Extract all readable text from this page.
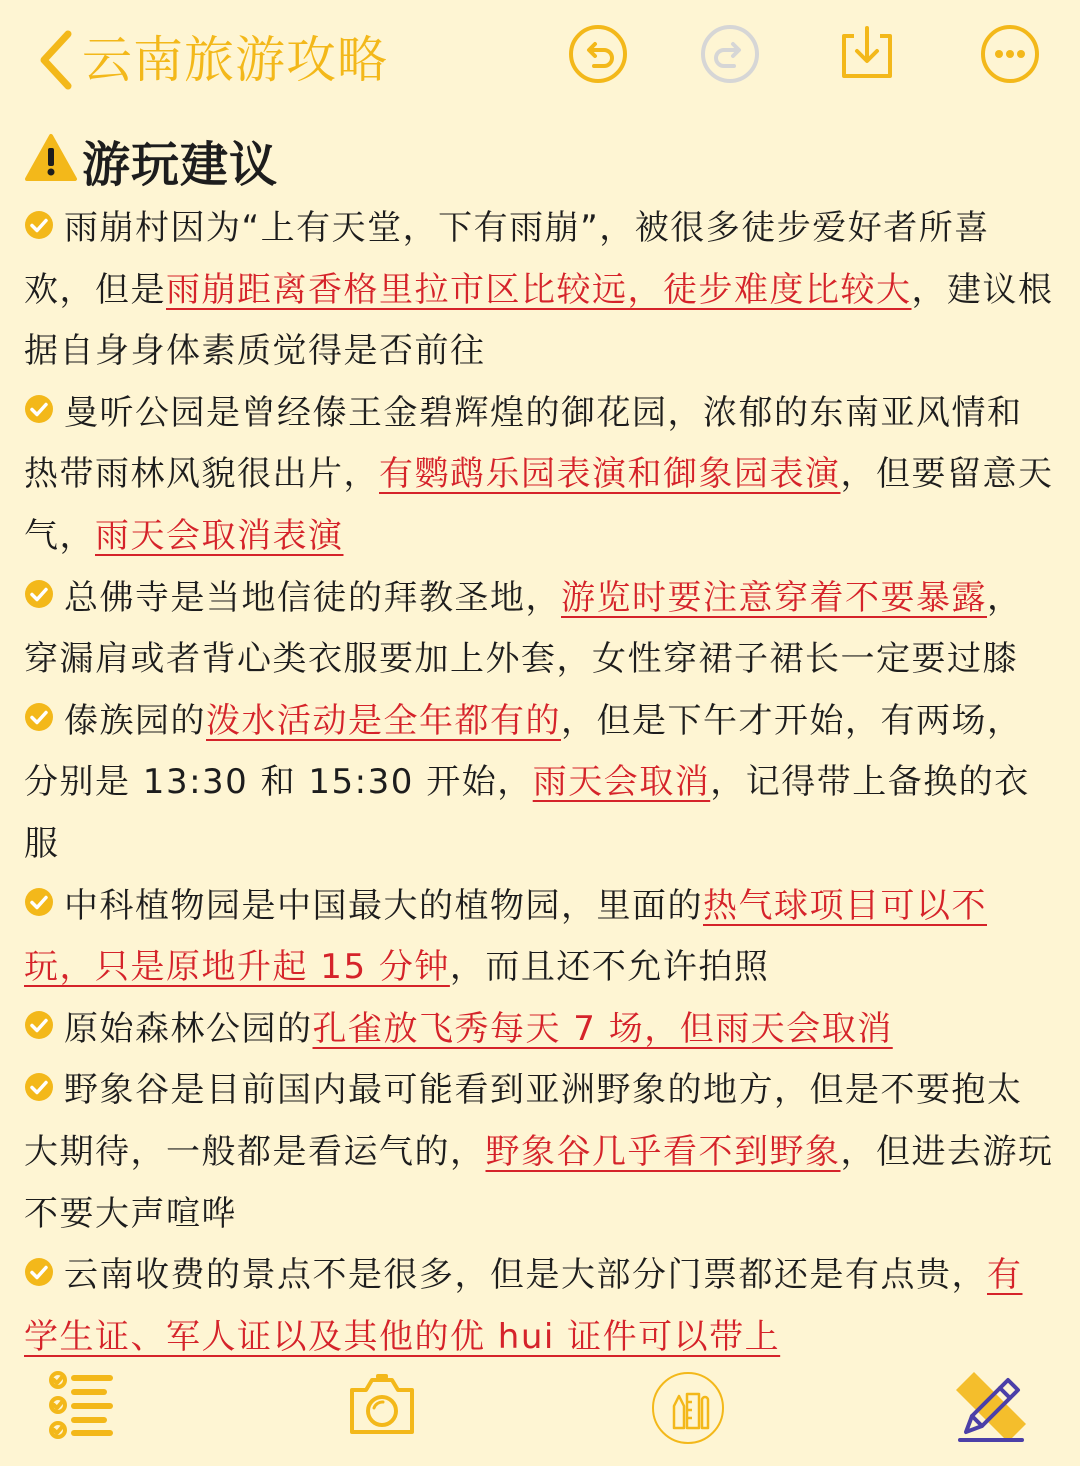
云南旅游攻略
游玩建议
雨崩村因为“上有天堂，下有雨崩”，被很多徒步爱好者所喜欢，但是雨崩距离香格里拉市区比较远，徒步难度比较大，建议根据自身身体素质觉得是否前往
曼听公园是曾经傣王金碧辉煌的御花园，浓郁的东南亚风情和热带雨林风貌很出片，有鹦鹉乐园表演和御象园表演，但要留意天气，雨天会取消表演
总佛寺是当地信徒的拜教圣地，游览时要注意穿着不要暴露，穿漏肩或者背心类衣服要加上外套，女性穿裙子裙长一定要过膝
傣族园的泼水活动是全年都有的，但是下午才开始，有两场，分别是 13:30 和 15:30 开始，雨天会取消，记得带上备换的衣服
中科植物园是中国最大的植物园，里面的热气球项目可以不玩，只是原地升起 15 分钟，而且还不允许拍照
原始森林公园的孔雀放飞秀每天 7 场，但雨天会取消
野象谷是目前国内最可能看到亚洲野象的地方，但是不要抱太大期待，一般都是看运气的，野象谷几乎看不到野象，但进去游玩不要大声喧哗
云南收费的景点不是很多，但是大部分门票都还是有点贵，有学生证、军人证以及其他的优 hui 证件可以带上
